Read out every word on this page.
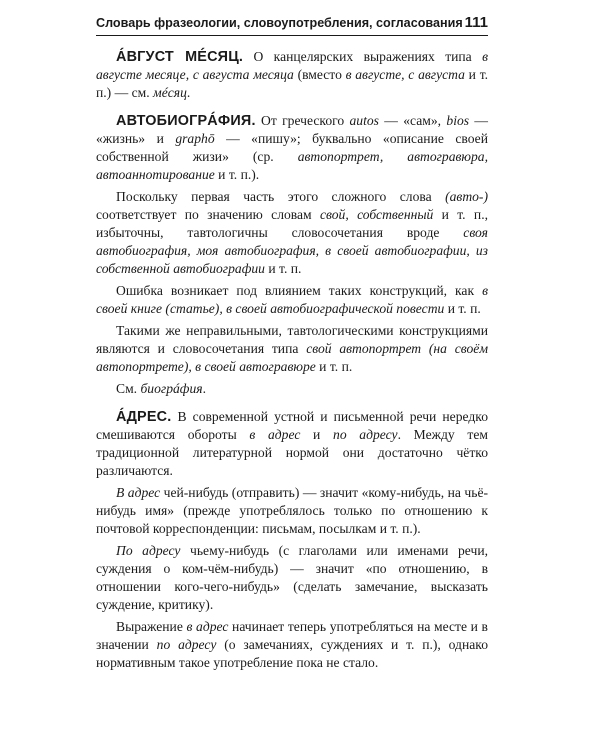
Словарь фразеологии, словоупотребления, согласования 111

ÁВГУСТ МÉСЯЦ. О канцелярских выражениях типа в августе месяце, с августа месяца (вместо в августе, с августа и т. п.) — см. мéсяц.

АВТОБИОГРÁФИЯ. От греческого autos — «сам», bios — «жизнь» и graphō — «пишу»; буквально «описание своей собственной жизи» (ср. автопортрет, автогравюра, автоаннотирование и т. п.).

Поскольку первая часть этого сложного слова (авто-) соответствует по значению словам свой, собственный и т. п., избыточны, тавтологичны словосочетания вроде своя автобиография, моя автобиография, в своей автобиографии, из собственной автобиографии и т. п.

Ошибка возникает под влиянием таких конструкций, как в своей книге (статье), в своей автобиографической повести и т. п.

Такими же неправильными, тавтологическими конструкциями являются и словосочетания типа свой автопортрет (на своём автопортрете), в своей автогравюре и т. п.

См. биогрáфия.

ÁДРЕС. В современной устной и письменной речи нередко смешиваются обороты в адрес и по адресу. Между тем традиционной литературной нормой они достаточно чётко различаются.

В адрес чей-нибудь (отправить) — значит «кому-нибудь, на чьё-нибудь имя» (прежде употреблялось только по отношению к почтовой корреспонденции: письмам, посылкам и т. п.).

По адресу чьему-нибудь (с глаголами или именами речи, суждения о ком-чём-нибудь) — значит «по отношению, в отношении кого-чего-нибудь» (сделать замечание, высказать суждение, критику).

Выражение в адрес начинает теперь употребляться на месте и в значении по адресу (о замечаниях, суждениях и т. п.), однако нормативным такое употребление пока не стало.
